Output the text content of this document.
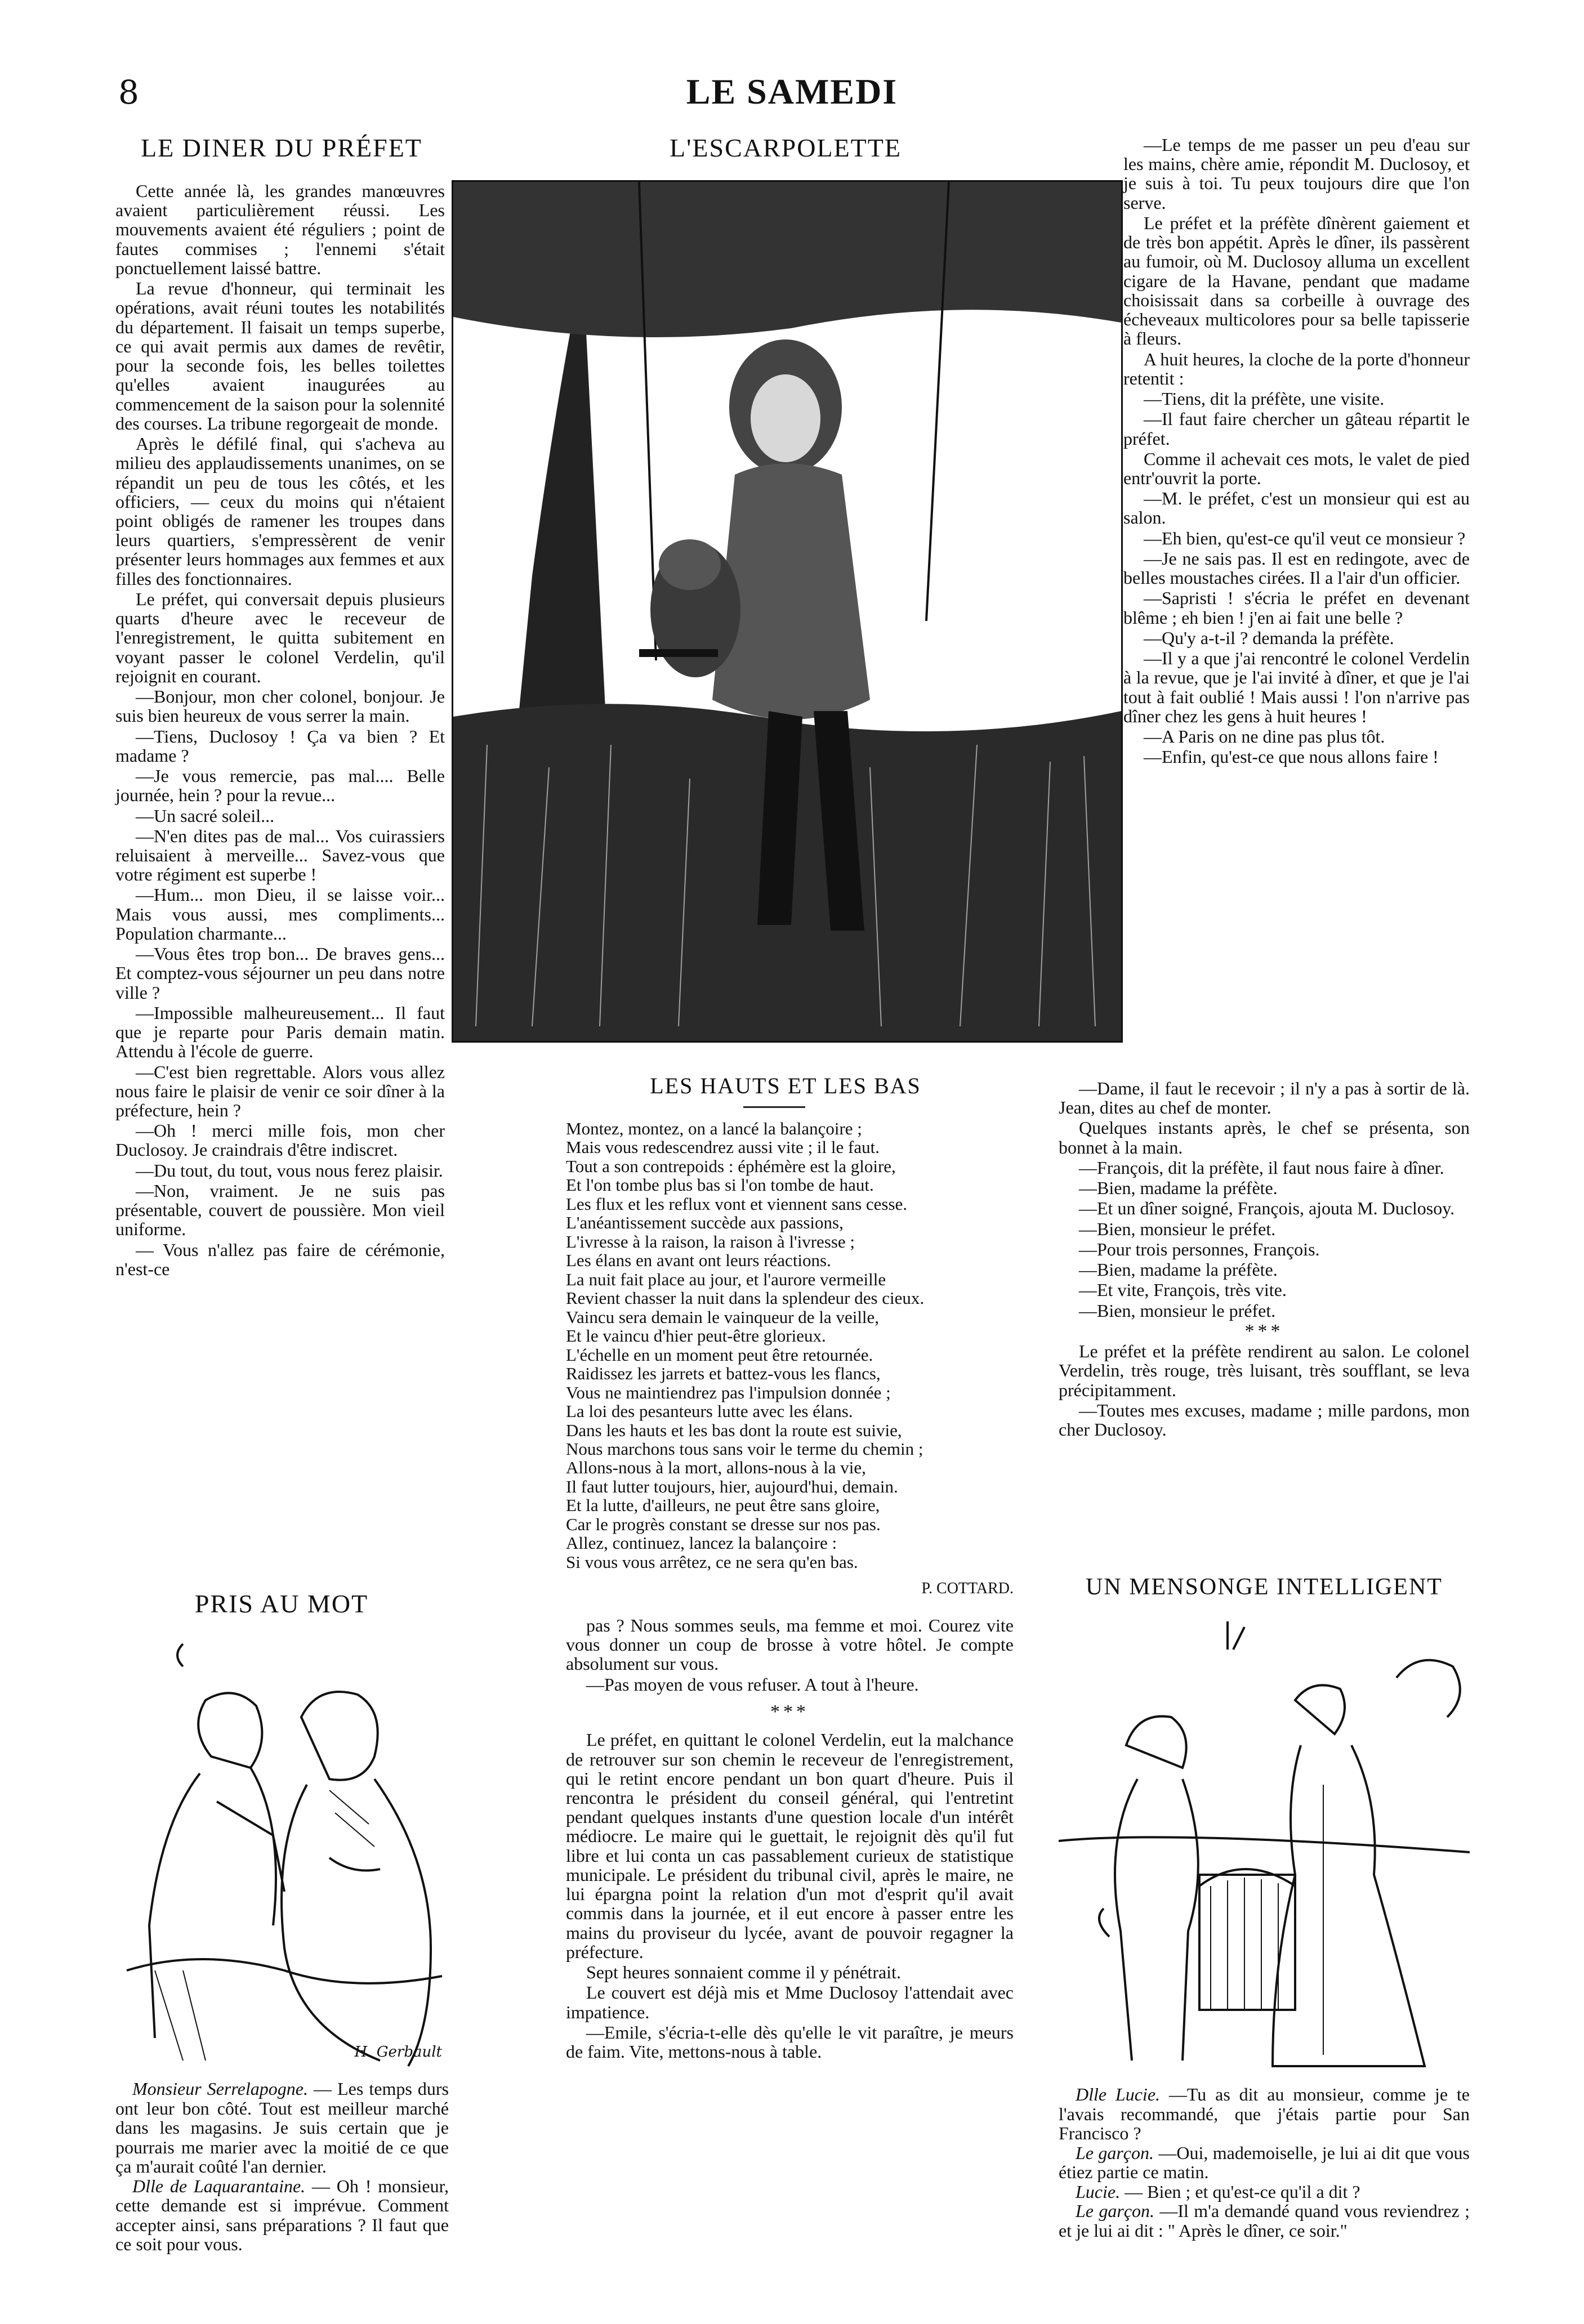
8	LE SAMEDI
LE DINER DU PRÉFET

Cette année là, les grandes manœuvres avaient particulièrement réussi. Les mouvements avaient été réguliers ; point de fautes commises ; l'ennemi s'était ponctuellement laissé battre.

La revue d'honneur, qui terminait les opérations, avait réuni toutes les notabilités du département. Il faisait un temps superbe, ce qui avait permis aux dames de revêtir, pour la seconde fois, les belles toilettes qu'elles avaient inaugurées au commencement de la saison pour la solennité des courses. La tribune regorgeait de monde.

Après le défilé final, qui s'acheva au milieu des applaudissements unanimes, on se répandit un peu de tous les côtés, et les officiers, — ceux du moins qui n'étaient point obligés de ramener les troupes dans leurs quartiers, s'empressèrent de venir présenter leurs hommages aux femmes et aux filles des fonctionnaires.

Le préfet, qui conversait depuis plusieurs quarts d'heure avec le receveur de l'enregistrement, le quitta subitement en voyant passer le colonel Verdelin, qu'il rejoignit en courant.

—Bonjour, mon cher colonel, bonjour. Je suis bien heureux de vous serrer la main.

—Tiens, Duclosoy ! Ça va bien ? Et madame ?

—Je vous remercie, pas mal.... Belle journée, hein ? pour la revue...

—Un sacré soleil...

—N'en dites pas de mal... Vos cuirassiers reluisaient à merveille... Savez-vous que votre régiment est superbe !

—Hum... mon Dieu, il se laisse voir... Mais vous aussi, mes compliments... Population charmante...

—Vous êtes trop bon... De braves gens... Et comptez-vous séjourner un peu dans notre ville ?

—Impossible malheureusement... Il faut que je reparte pour Paris demain matin. Attendu à l'école de guerre.

—C'est bien regrettable. Alors vous allez nous faire le plaisir de venir ce soir dîner à la préfecture, hein ?

—Oh ! merci mille fois, mon cher Duclosoy. Je craindrais d'être indiscret.

—Du tout, du tout, vous nous ferez plaisir.

—Non, vraiment. Je ne suis pas présentable, couvert de poussière. Mon vieil uniforme.

— Vous n'allez pas faire de cérémonie, n'est-ce

L'ESCARPOLETTE	—Le temps de me passer un peu d'eau sur les mains, chère amie, répondit M. Duclosoy, et je suis à toi. Tu peux toujours dire que l'on serve.

Le préfet et la préfète dînèrent gaiement et de très bon appétit. Après le dîner, ils passèrent au fumoir, où M. Duclosoy alluma un excellent cigare de la Havane, pendant que madame choisissait dans sa corbeille à ouvrage des écheveaux multicolores pour sa belle tapisserie à fleurs.

A huit heures, la cloche de la porte d'honneur retentit :

—Tiens, dit la préfète, une visite.

—Il faut faire chercher un gâteau répartit le préfet.

Comme il achevait ces mots, le valet de pied entr'ouvrit la porte.

—M. le préfet, c'est un monsieur qui est au salon.

—Eh bien, qu'est-ce qu'il veut ce monsieur ?

—Je ne sais pas. Il est en redingote, avec de belles moustaches cirées. Il a l'air d'un officier.

—Sapristi ! s'écria le préfet en devenant blême ; eh bien ! j'en ai fait une belle ?

—Qu'y a-t-il ? demanda la préfète.

—Il y a que j'ai rencontré le colonel Verdelin à la revue, que je l'ai invité à dîner, et que je l'ai tout à fait oublié ! Mais aussi ! l'on n'arrive pas dîner chez les gens à huit heures !

—A Paris on ne dine pas plus tôt.

—Enfin, qu'est-ce que nous allons faire !

LES HAUTS ET LES BAS
Montez, montez, on a lancé la balançoire ;
Mais vous redescendrez aussi vite ; il le faut.
Tout a son contrepoids : éphémère est la gloire,
Et l'on tombe plus bas si l'on tombe de haut.
Les flux et les reflux vont et viennent sans cesse.
L'anéantissement succède aux passions,
L'ivresse à la raison, la raison à l'ivresse ;
Les élans en avant ont leurs réactions.
La nuit fait place au jour, et l'aurore vermeille
Revient chasser la nuit dans la splendeur des cieux.
Vaincu sera demain le vainqueur de la veille,
Et le vaincu d'hier peut-être glorieux.
L'échelle en un moment peut être retournée.
Raidissez les jarrets et battez-vous les flancs,
Vous ne maintiendrez pas l'impulsion donnée ;
La loi des pesanteurs lutte avec les élans.
Dans les hauts et les bas dont la route est suivie,
Nous marchons tous sans voir le terme du chemin ;
Allons-nous à la mort, allons-nous à la vie,
Il faut lutter toujours, hier, aujourd'hui, demain.
Et la lutte, d'ailleurs, ne peut être sans gloire,
Car le progrès constant se dresse sur nos pas.
Allez, continuez, lancez la balançoire :
Si vous vous arrêtez, ce ne sera qu'en bas.
P. COTTARD.

—Dame, il faut le recevoir ; il n'y a pas à sortir de là. Jean, dites au chef de monter.

Quelques instants après, le chef se présenta, son bonnet à la main.

—François, dit la préfète, il faut nous faire à dîner.

—Bien, madame la préfète.

—Et un dîner soigné, François, ajouta M. Duclosoy.

—Bien, monsieur le préfet.

—Pour trois personnes, François.

—Bien, madame la préfète.

—Et vite, François, très vite.

—Bien, monsieur le préfet.

***

Le préfet et la préfète rendirent au salon. Le colonel Verdelin, très rouge, très luisant, très soufflant, se leva précipitamment.

—Toutes mes excuses, madame ; mille pardons, mon cher Duclosoy.

PRIS AU MOT
H. Gerbault
Monsieur Serrelapogne. — Les temps durs ont leur bon côté. Tout est meilleur marché dans les magasins. Je suis certain que je pourrais me marier avec la moitié de ce que ça m'aurait coûté l'an dernier.
Dlle de Laquarantaine. — Oh ! monsieur, cette demande est si imprévue. Comment accepter ainsi, sans préparations ? Il faut que ce soit pour vous.

pas ? Nous sommes seuls, ma femme et moi. Courez vite vous donner un coup de brosse à votre hôtel. Je compte absolument sur vous.

—Pas moyen de vous refuser. A tout à l'heure.

***

Le préfet, en quittant le colonel Verdelin, eut la malchance de retrouver sur son chemin le receveur de l'enregistrement, qui le retint encore pendant un bon quart d'heure. Puis il rencontra le président du conseil général, qui l'entretint pendant quelques instants d'une question locale d'un intérêt médiocre. Le maire qui le guettait, le rejoignit dès qu'il fut libre et lui conta un cas passablement curieux de statistique municipale. Le président du tribunal civil, après le maire, ne lui épargna point la relation d'un mot d'esprit qu'il avait commis dans la journée, et il eut encore à passer entre les mains du proviseur du lycée, avant de pouvoir regagner la préfecture.

Sept heures sonnaient comme il y pénétrait.

Le couvert est déjà mis et Mme Duclosoy l'attendait avec impatience.

—Emile, s'écria-t-elle dès qu'elle le vit paraître, je meurs de faim. Vite, mettons-nous à table.

UN MENSONGE INTELLIGENT
Dlle Lucie. —Tu as dit au monsieur, comme je te l'avais recommandé, que j'étais partie pour San Francisco ?
Le garçon. —Oui, mademoiselle, je lui ai dit que vous étiez partie ce matin.
Lucie. — Bien ; et qu'est-ce qu'il a dit ?
Le garçon. —Il m'a demandé quand vous reviendrez ; et je lui ai dit : " Après le dîner, ce soir."
